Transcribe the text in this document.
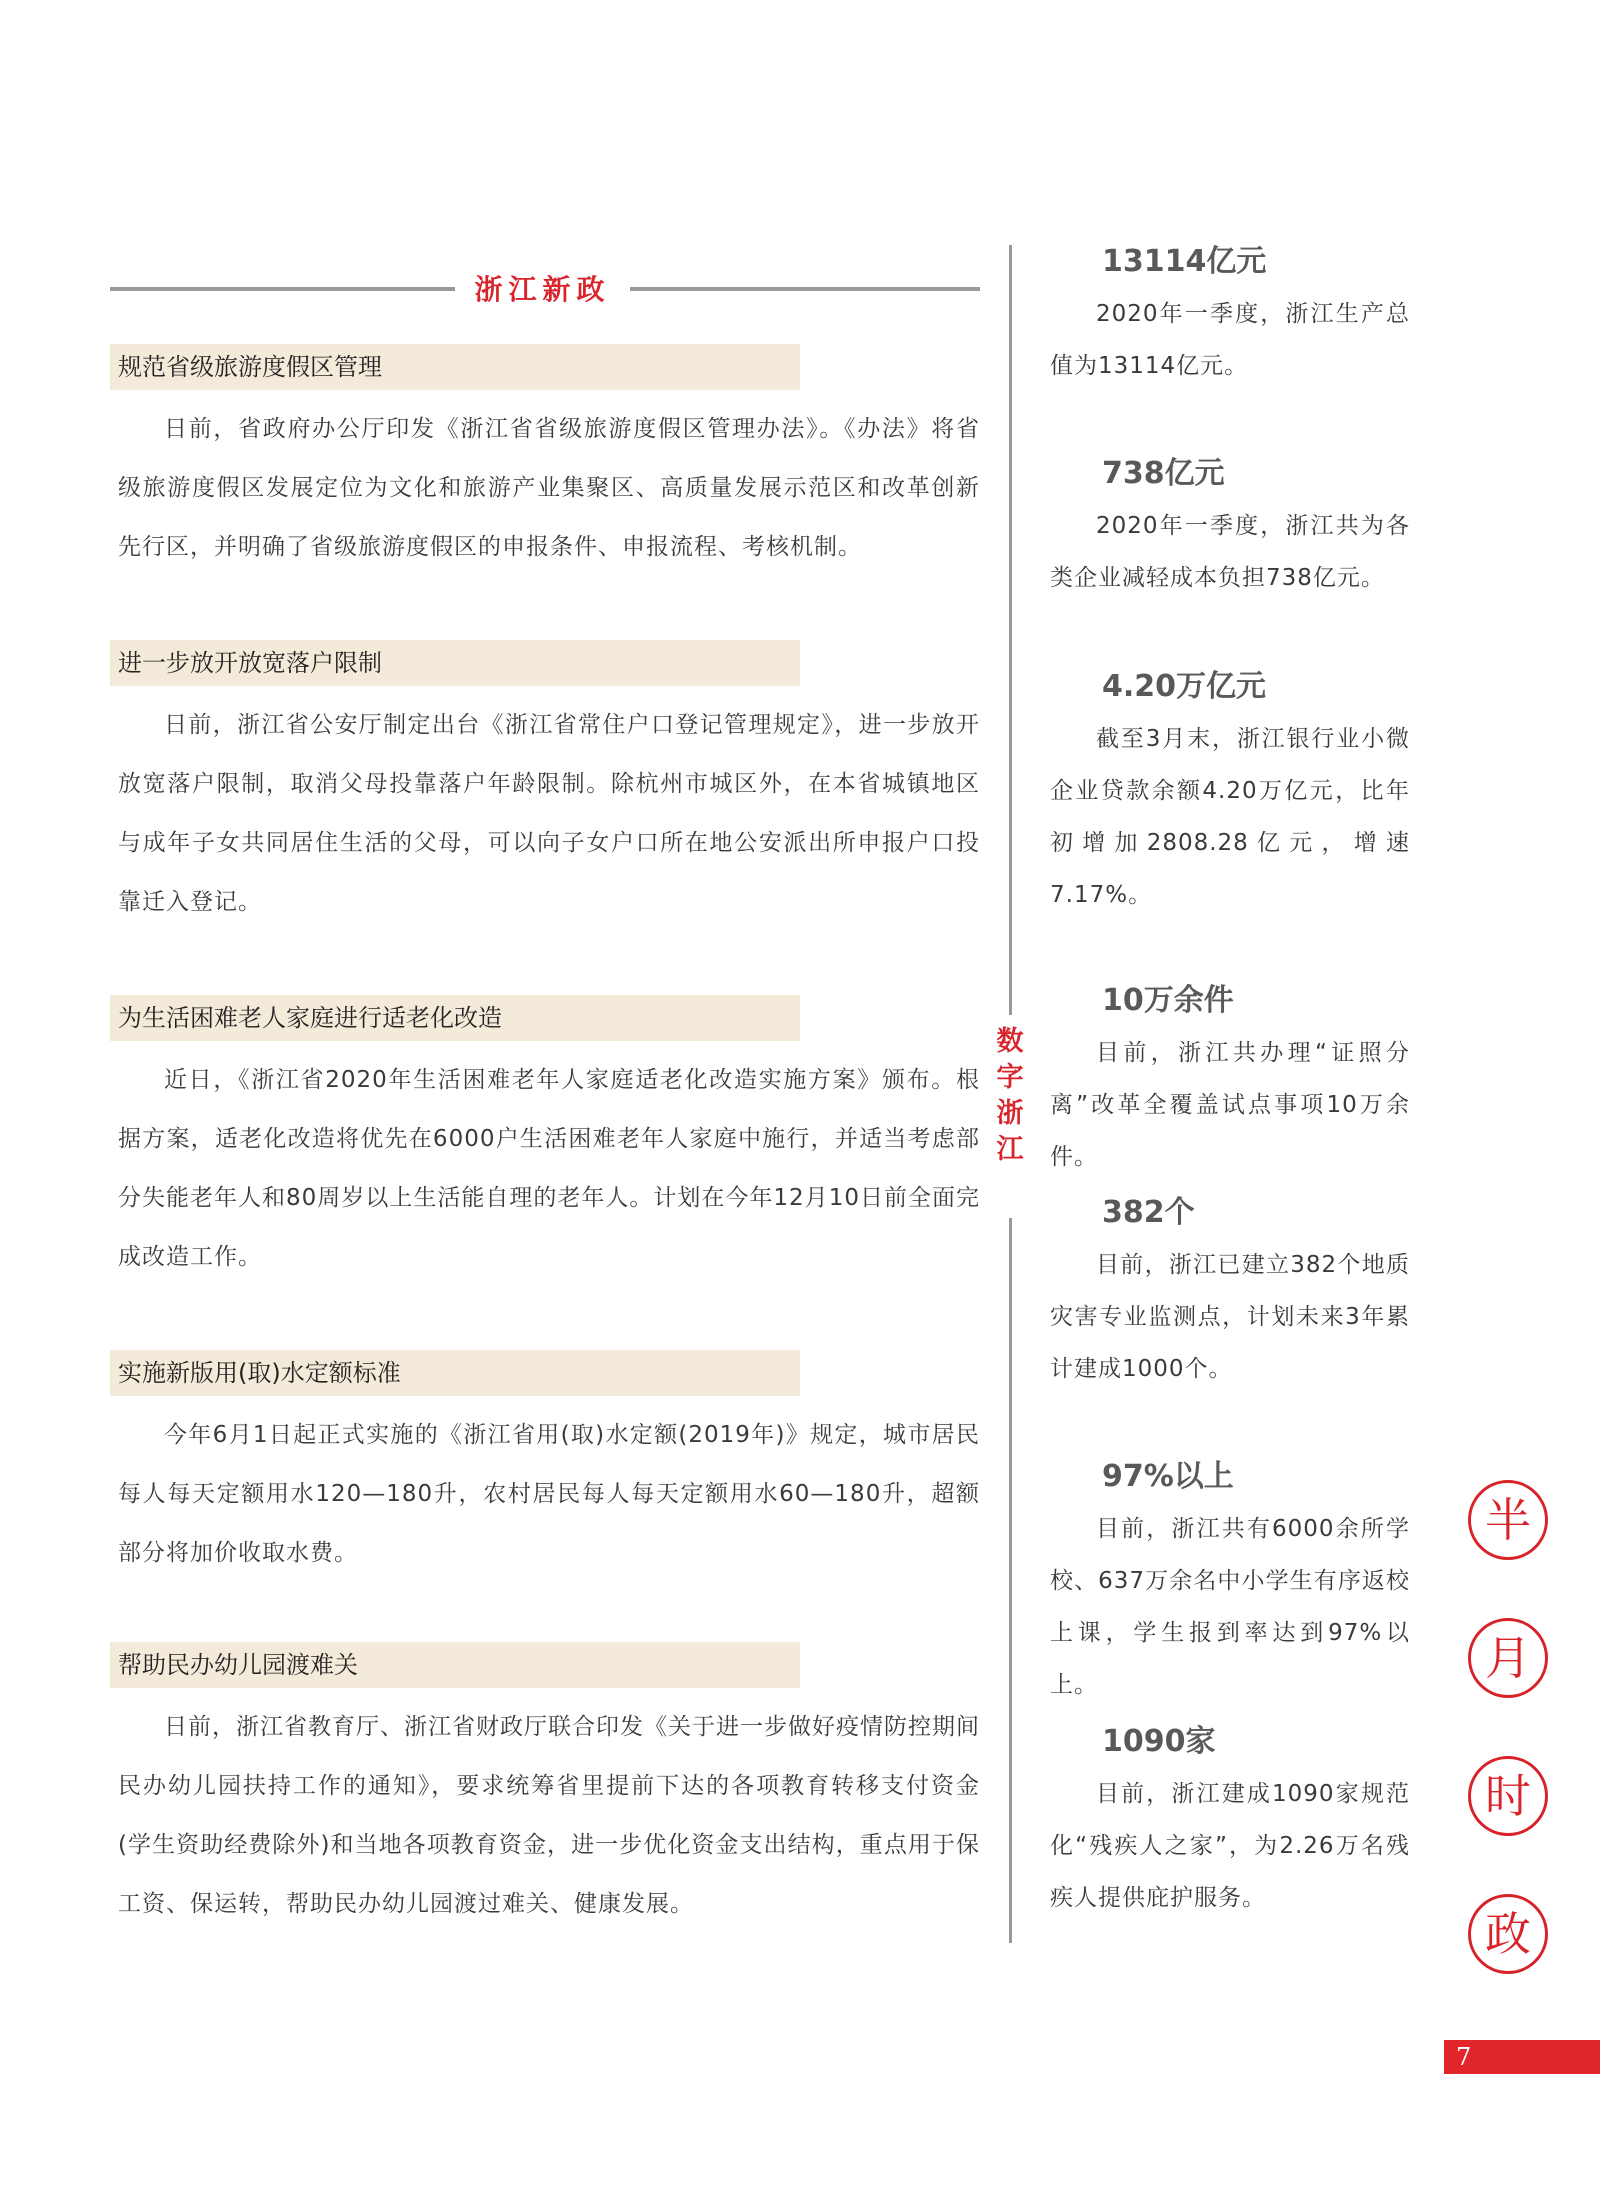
浙江新政
规范省级旅游度假区管理
日前，省政府办公厅印发《浙江省省级旅游度假区管理办法》。《办法》将省级旅游度假区发展定位为文化和旅游产业集聚区、高质量发展示范区和改革创新先行区，并明确了省级旅游度假区的申报条件、申报流程、考核机制。
进一步放开放宽落户限制
日前，浙江省公安厅制定出台《浙江省常住户口登记管理规定》，进一步放开放宽落户限制，取消父母投靠落户年龄限制。除杭州市城区外，在本省城镇地区与成年子女共同居住生活的父母，可以向子女户口所在地公安派出所申报户口投靠迁入登记。
为生活困难老人家庭进行适老化改造
近日，《浙江省2020年生活困难老年人家庭适老化改造实施方案》颁布。根据方案，适老化改造将优先在6000户生活困难老年人家庭中施行，并适当考虑部分失能老年人和80周岁以上生活能自理的老年人。计划在今年12月10日前全面完成改造工作。
实施新版用(取)水定额标准
今年6月1日起正式实施的《浙江省用(取)水定额(2019年)》规定，城市居民每人每天定额用水120—180升，农村居民每人每天定额用水60—180升，超额部分将加价收取水费。
帮助民办幼儿园渡难关
日前，浙江省教育厅、浙江省财政厅联合印发《关于进一步做好疫情防控期间民办幼儿园扶持工作的通知》，要求统筹省里提前下达的各项教育转移支付资金(学生资助经费除外)和当地各项教育资金，进一步优化资金支出结构，重点用于保工资、保运转，帮助民办幼儿园渡过难关、健康发展。
数
字
浙
江
13114亿元
2020年一季度，浙江生产总值为13114亿元。
738亿元
2020年一季度，浙江共为各类企业减轻成本负担738亿元。
4.20万亿元
截至3月末，浙江银行业小微企业贷款余额4.20万亿元，比年初增加2808.28亿元，增速7.17%。
10万余件
目前，浙江共办理“证照分离”改革全覆盖试点事项10万余件。
382个
目前，浙江已建立382个地质灾害专业监测点，计划未来3年累计建成1000个。
97%以上
目前，浙江共有6000余所学校、637万余名中小学生有序返校上课，学生报到率达到97%以上。
1090家
目前，浙江建成1090家规范化“残疾人之家”，为2.26万名残疾人提供庇护服务。
半
月
时
政
7
